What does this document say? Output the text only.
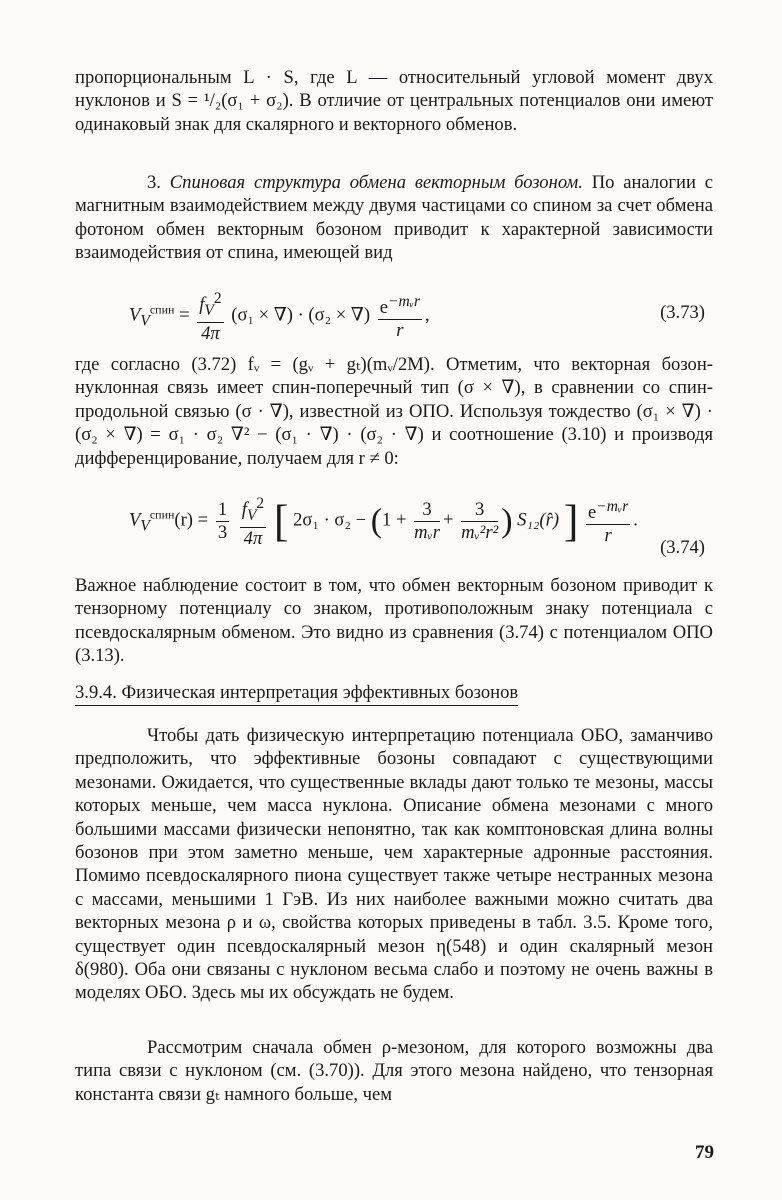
пропорциональным L · S, где L — относительный угловой момент двух нуклонов и S = ¹/₂(σ₁ + σ₂). В отличие от центральных потенциалов они имеют одинаковый знак для скалярного и векторного обменов.

3. Спиновая структура обмена векторным бозоном. По аналогии с магнитным взаимодействием между двумя частицами со спином за счет обмена фотоном обмен векторным бозоном приводит к характерной зависимости взаимодействия от спина, имеющей вид

$V_V^{спин} = \frac{f_V^2}{4\pi} (\sigma_1$ × ∇) · (σ₂ × ∇) $\frac{e^{-mᵥr}}{r}$ ,	(3.73)

где согласно (3.72) fᵥ = (gᵥ + gₜ)(mᵥ/2M). Отметим, что векторная бозон-нуклонная связь имеет спин-поперечный тип (σ × ∇), в сравнении со спин-продольной связью (σ · ∇), известной из ОПО. Используя тождество (σ₁ × ∇) · (σ₂ × ∇) = σ₁ · σ₂ ∇² − (σ₁ · ∇) · (σ₂ · ∇) и соотношение (3.10) и производя дифференцирование, получаем для r ≠ 0:

$V_V^{спин}(r) = \frac{1}{3}$
$\frac{f_V^2}{4\pi}$ [ $2\sigma_1 \cdot \sigma_2 - (1 + \frac{3}{\text{mᵥr}} + \frac{3}{\text{mᵥ²r²}}$ ) S₁₂(r̂) ] $\frac{e^{-mᵥr}}{r}$ .
(3.74)

Важное наблюдение состоит в том, что обмен векторным бозоном приводит к тензорному потенциалу со знаком, противоположным знаку потенциала с псевдоскалярным обменом. Это видно из сравнения (3.74) с потенциалом ОПО (3.13).

3.9.4. Физическая интерпретация эффективных бозонов

Чтобы дать физическую интерпретацию потенциала ОБО, заманчиво предположить, что эффективные бозоны совпадают с существующими мезонами. Ожидается, что существенные вклады дают только те мезоны, массы которых меньше, чем масса нуклона. Описание обмена мезонами с много большими массами физически непонятно, так как комптоновская длина волны бозонов при этом заметно меньше, чем характерные адронные расстояния. Помимо псевдоскалярного пиона существует также четыре нестранных мезона с массами, меньшими 1 ГэВ. Из них наиболее важными можно считать два векторных мезона ρ и ω, свойства которых приведены в табл. 3.5. Кроме того, существует один псевдоскалярный мезон η(548) и один скалярный мезон δ(980). Оба они связаны с нуклоном весьма слабо и поэтому не очень важны в моделях ОБО. Здесь мы их обсуждать не будем.

Рассмотрим сначала обмен ρ-мезоном, для которого возможны два типа связи с нуклоном (см. (3.70)). Для этого мезона найдено, что тензорная константа связи gₜ намного больше, чем

79
